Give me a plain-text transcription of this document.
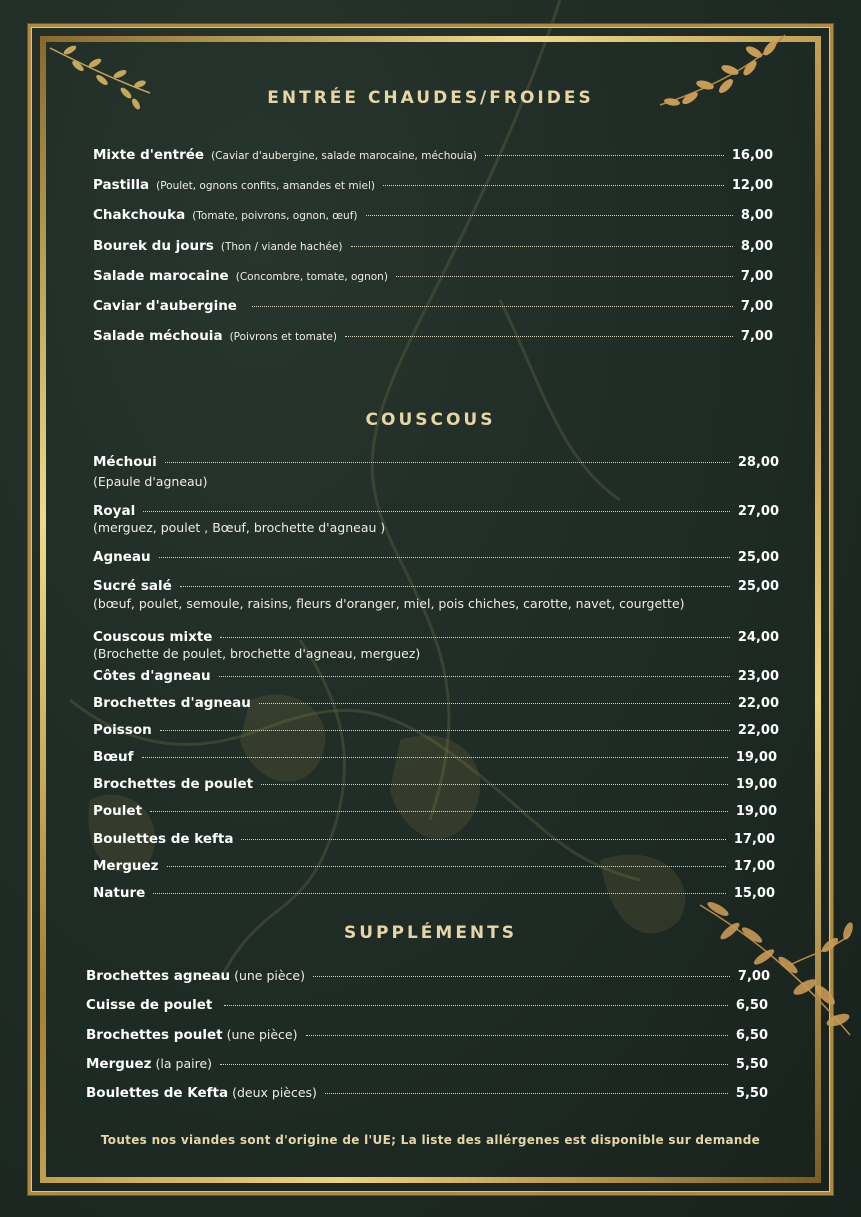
ENTRÉE CHAUDES/FROIDES
COUSCOUS
SUPPLÉMENTS
Mixte d'entrée (Caviar d'aubergine, salade marocaine, méchouia)	16,00
Pastilla (Poulet, ognons confits, amandes et miel)	12,00
Chakchouka (Tomate, poivrons, ognon, œuf)	8,00
Bourek du jours (Thon / viande hachée)	8,00
Salade marocaine (Concombre, tomate, ognon)	7,00
Caviar d'aubergine	7,00
Salade méchouia (Poivrons et tomate)	7,00
Méchoui	28,00
(Epaule d'agneau)
Royal	27,00
(merguez, poulet , Bœuf, brochette d'agneau )
Agneau	25,00
Sucré salé	25,00
(bœuf, poulet, semoule, raisins, fleurs d'oranger, miel, pois chiches, carotte, navet, courgette)
Couscous mixte	24,00
(Brochette de poulet, brochette d'agneau, merguez)
Côtes d'agneau	23,00
Brochettes d'agneau	22,00
Poisson	22,00
Bœuf	19,00
Brochettes de poulet	19,00
Poulet	19,00
Boulettes de kefta	17,00
Merguez	17,00
Nature	15,00
Brochettes agneau (une pièce)	7,00
Cuisse de poulet	6,50
Brochettes poulet (une pièce)	6,50
Merguez (la paire)	5,50
Boulettes de Kefta (deux pièces)	5,50
Toutes nos viandes sont d'origine de l'UE; La liste des allérgenes est disponible sur demande
